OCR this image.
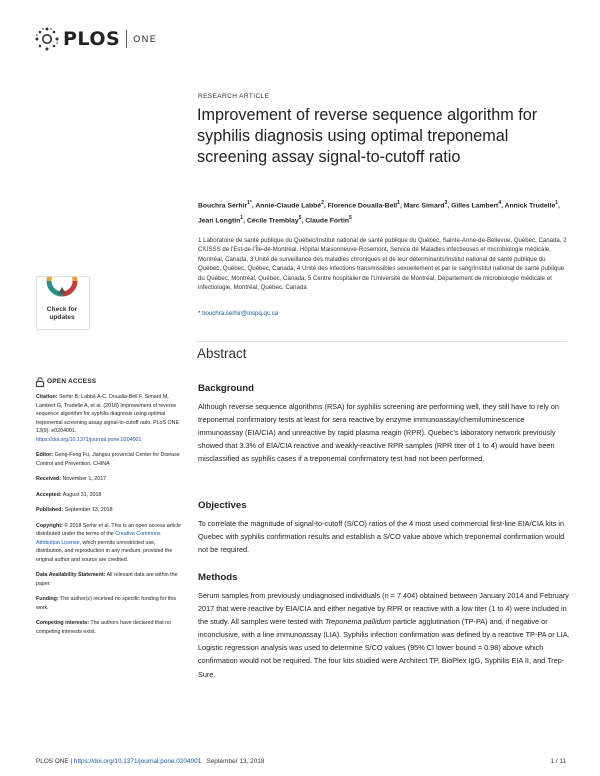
PLOS ONE
RESEARCH ARTICLE
Improvement of reverse sequence algorithm for syphilis diagnosis using optimal treponemal screening assay signal-to-cutoff ratio
Bouchra Serhir$^{1*}$, Annie-Claude Labbé$^2$, Florence Doualla-Bell$^1$, Marc Simard$^3$, Gilles Lambert$^4$, Annick Trudelle$^1$, Jean Longtin$^1$, Cécile Tremblay$^5$, Claude Fortin$^5$
1 Laboratoire de santé publique du Québec/Institut national de santé publique du Québec, Sainte-Anne-de-Bellevue, Québec, Canada, 2 CIUSSS de l'Est-de-l'Île-de-Montréal, Hôpital Maisonneuve-Rosemont, Service de Maladies infectieuses et microbiologie médicale, Montréal, Canada, 3 Unité de surveillance des maladies chroniques et de leur déterminants/Institut national de santé publique du Québec, Québec, Québec, Canada, 4 Unité des infections transmissibles sexuellement et par le sang/Institut national de santé publique du Québec, Montréal, Québec, Canada, 5 Centre hospitalier de l'Université de Montréal, Département de microbiologie médicale et infectiologie, Montréal, Québec, Canada
* bouchra.serhir@inspq.qc.ca
Check for
updates
OPEN ACCESS

Citation: Serhir B, Labbé A-C, Doualla-Bell F, Simard M, Lambert G, Trudelle A, et al. (2018) Improvement of reverse sequence algorithm for syphilis diagnosis using optimal treponemal screening assay signal-to-cutoff ratio. PLoS ONE 13(9): e0204001. https://doi.org/10.1371/journal.pone.0204001

Editor: Geng-Feng Fu, Jiangsu provincial Center for Disease Control and Prevention, CHINA

Received: November 1, 2017

Accepted: August 31, 2018

Published: September 13, 2018

Copyright: © 2018 Serhir et al. This is an open access article distributed under the terms of the Creative Commons Attribution License, which permits unrestricted use, distribution, and reproduction in any medium, provided the original author and source are credited.

Data Availability Statement: All relevant data are within the paper.

Funding: The author(s) received no specific funding for this work.

Competing interests: The authors have declared that no competing interests exist.

Abstract
Background

Although reverse sequence algorithms (RSA) for syphilis screening are performing well, they still have to rely on treponemal confirmatory tests at least for sera reactive by enzyme immunoassay/chemiluminescence immunoassay (EIA/CIA) and unreactive by rapid plasma reagin (RPR). Quebec's laboratory network previously showed that 3.3% of EIA/CIA reactive and weakly-reactive RPR samples (RPR titer of 1 to 4) would have been misclassified as syphilis cases if a treponemal confirmatory test had not been performed.

Objectives

To correlate the magnitude of signal-to-cutoff (S/CO) ratios of the 4 most used commercial first-line EIA/CIA kits in Quebec with syphilis confirmation results and establish a S/CO value above which treponemal confirmation would not be required.

Methods

Serum samples from previously undiagnosed individuals (n = 7 404) obtained between January 2014 and February 2017 that were reactive by EIA/CIA and either negative by RPR or reactive with a low titer (1 to 4) were included in the study. All samples were tested with Treponema pallidum particle agglutination (TP-PA) and, if negative or inconclusive, with a line immunoassay (LIA). Syphilis infection confirmation was defined by a reactive TP-PA or LIA. Logistic regression analysis was used to determine S/CO values (95% CI lower bound = 0.98) above which confirmation would not be required. The four kits studied were Architect TP, BioPlex IgG, Syphilis EIA II, and Trep-Sure.

PLOS ONE | https://doi.org/10.1371/journal.pone.0204001 September 13, 2018	1 / 11
